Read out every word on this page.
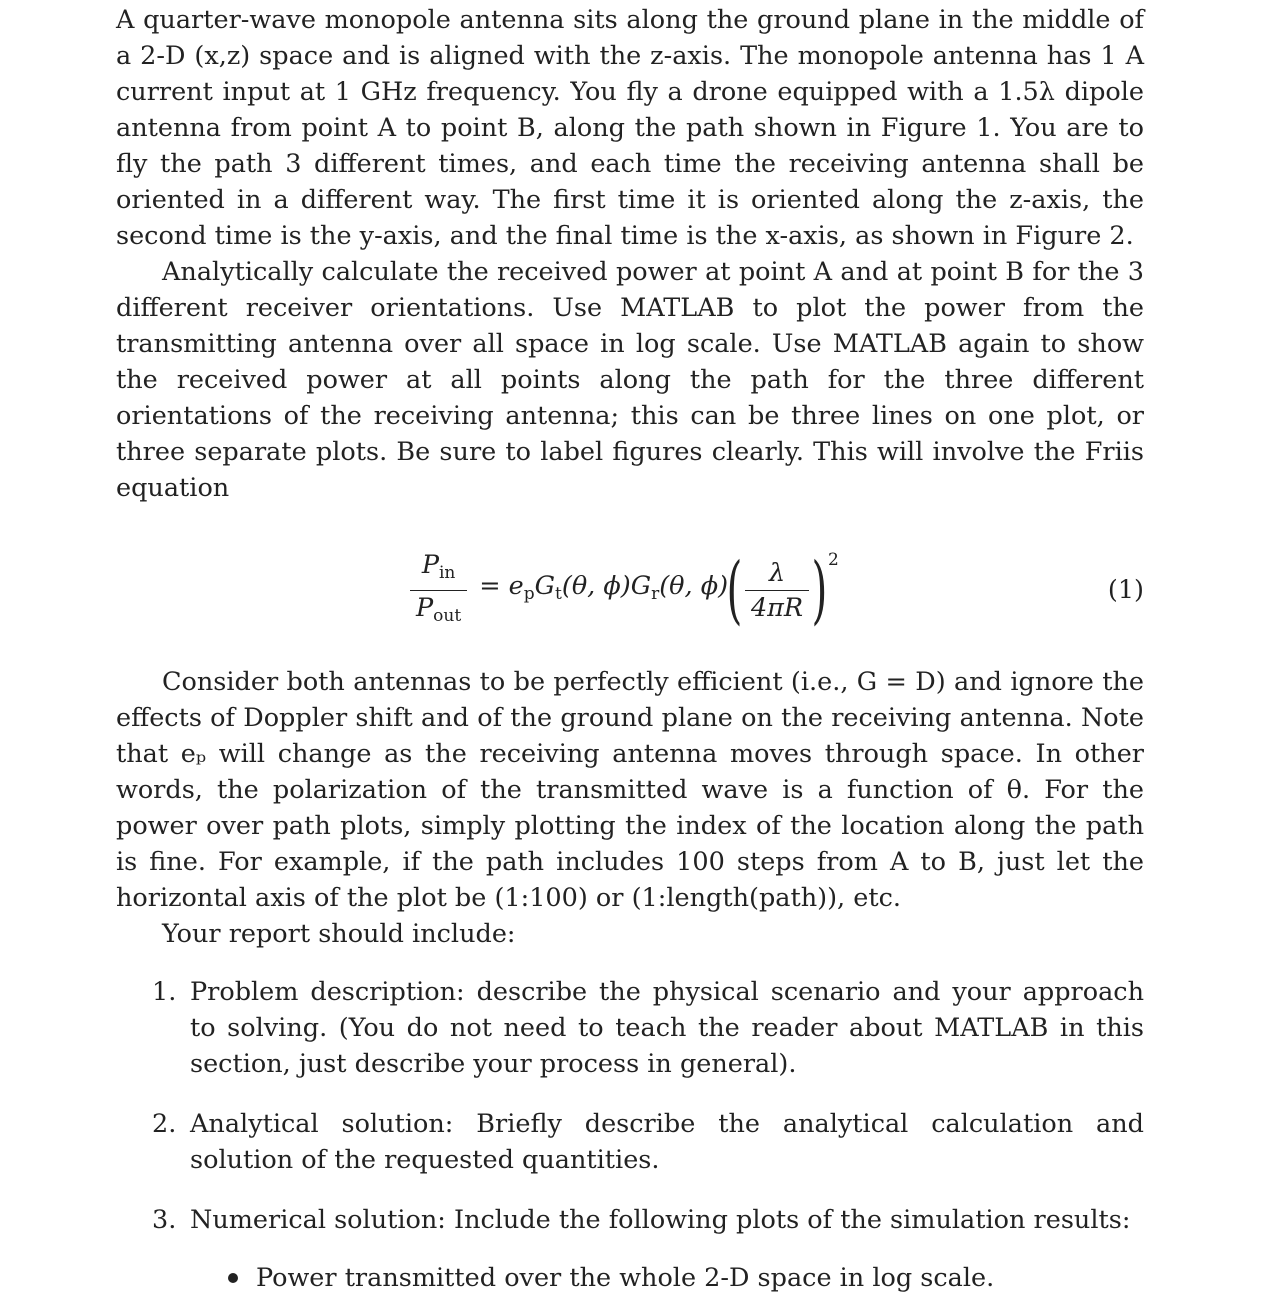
A quarter-wave monopole antenna sits along the ground plane in the middle of a 2-D (x,z) space and is aligned with the z-axis. The monopole antenna has 1 A current input at 1 GHz frequency. You fly a drone equipped with a 1.5λ dipole antenna from point A to point B, along the path shown in Figure 1. You are to fly the path 3 different times, and each time the receiving antenna shall be oriented in a different way. The first time it is oriented along the z-axis, the second time is the y-axis, and the final time is the x-axis, as shown in Figure 2.

Analytically calculate the received power at point A and at point B for the 3 different receiver orientations. Use MATLAB to plot the power from the transmitting antenna over all space in log scale. Use MATLAB again to show the received power at all points along the path for the three different orientations of the receiving antenna; this can be three lines on one plot, or three separate plots. Be sure to label figures clearly. This will involve the Friis equation

$\frac{P_{in}}{P_{out}} = e_p$ $G_t(\theta$, ϕ) $G_r(\theta$, ϕ)
( $\frac{\lambda}{4\pi R}$ ) 2
(1)

Consider both antennas to be perfectly efficient (i.e., G = D) and ignore the effects of Doppler shift and of the ground plane on the receiving antenna. Note that eₚ will change as the receiving antenna moves through space. In other words, the polarization of the transmitted wave is a function of θ. For the power over path plots, simply plotting the index of the location along the path is fine. For example, if the path includes 100 steps from A to B, just let the horizontal axis of the plot be (1:100) or (1:length(path)), etc.

Your report should include:

1. Problem description: describe the physical scenario and your approach to solving. (You do not need to teach the reader about MATLAB in this section, just describe your process in general).
2. Analytical solution: Briefly describe the analytical calculation and solution of the requested quantities.
3. Numerical solution: Include the following plots of the simulation results:
Power transmitted over the whole 2-D space in log scale.
